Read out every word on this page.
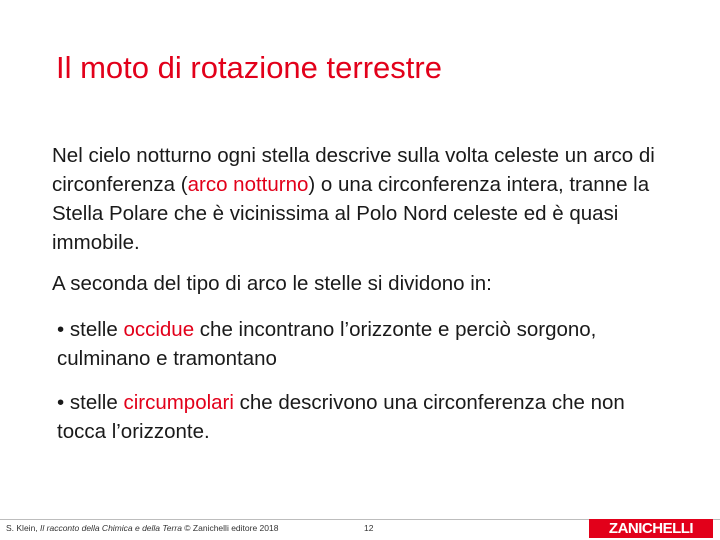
Il moto di rotazione terrestre

Nel cielo notturno ogni stella descrive sulla volta celeste un arco di circonferenza (arco notturno) o una circonferenza intera, tranne la Stella Polare che è vicinissima al Polo Nord celeste ed è quasi immobile.

A seconda del tipo di arco le stelle si dividono in:

• stelle occidue che incontrano l’orizzonte e perciò sorgono, culminano e tramontano

• stelle circumpolari che descrivono una circonferenza che non tocca l’orizzonte.

S. Klein, Il racconto della Chimica e della Terra © Zanichelli editore 2018	12	ZANICHELLI
